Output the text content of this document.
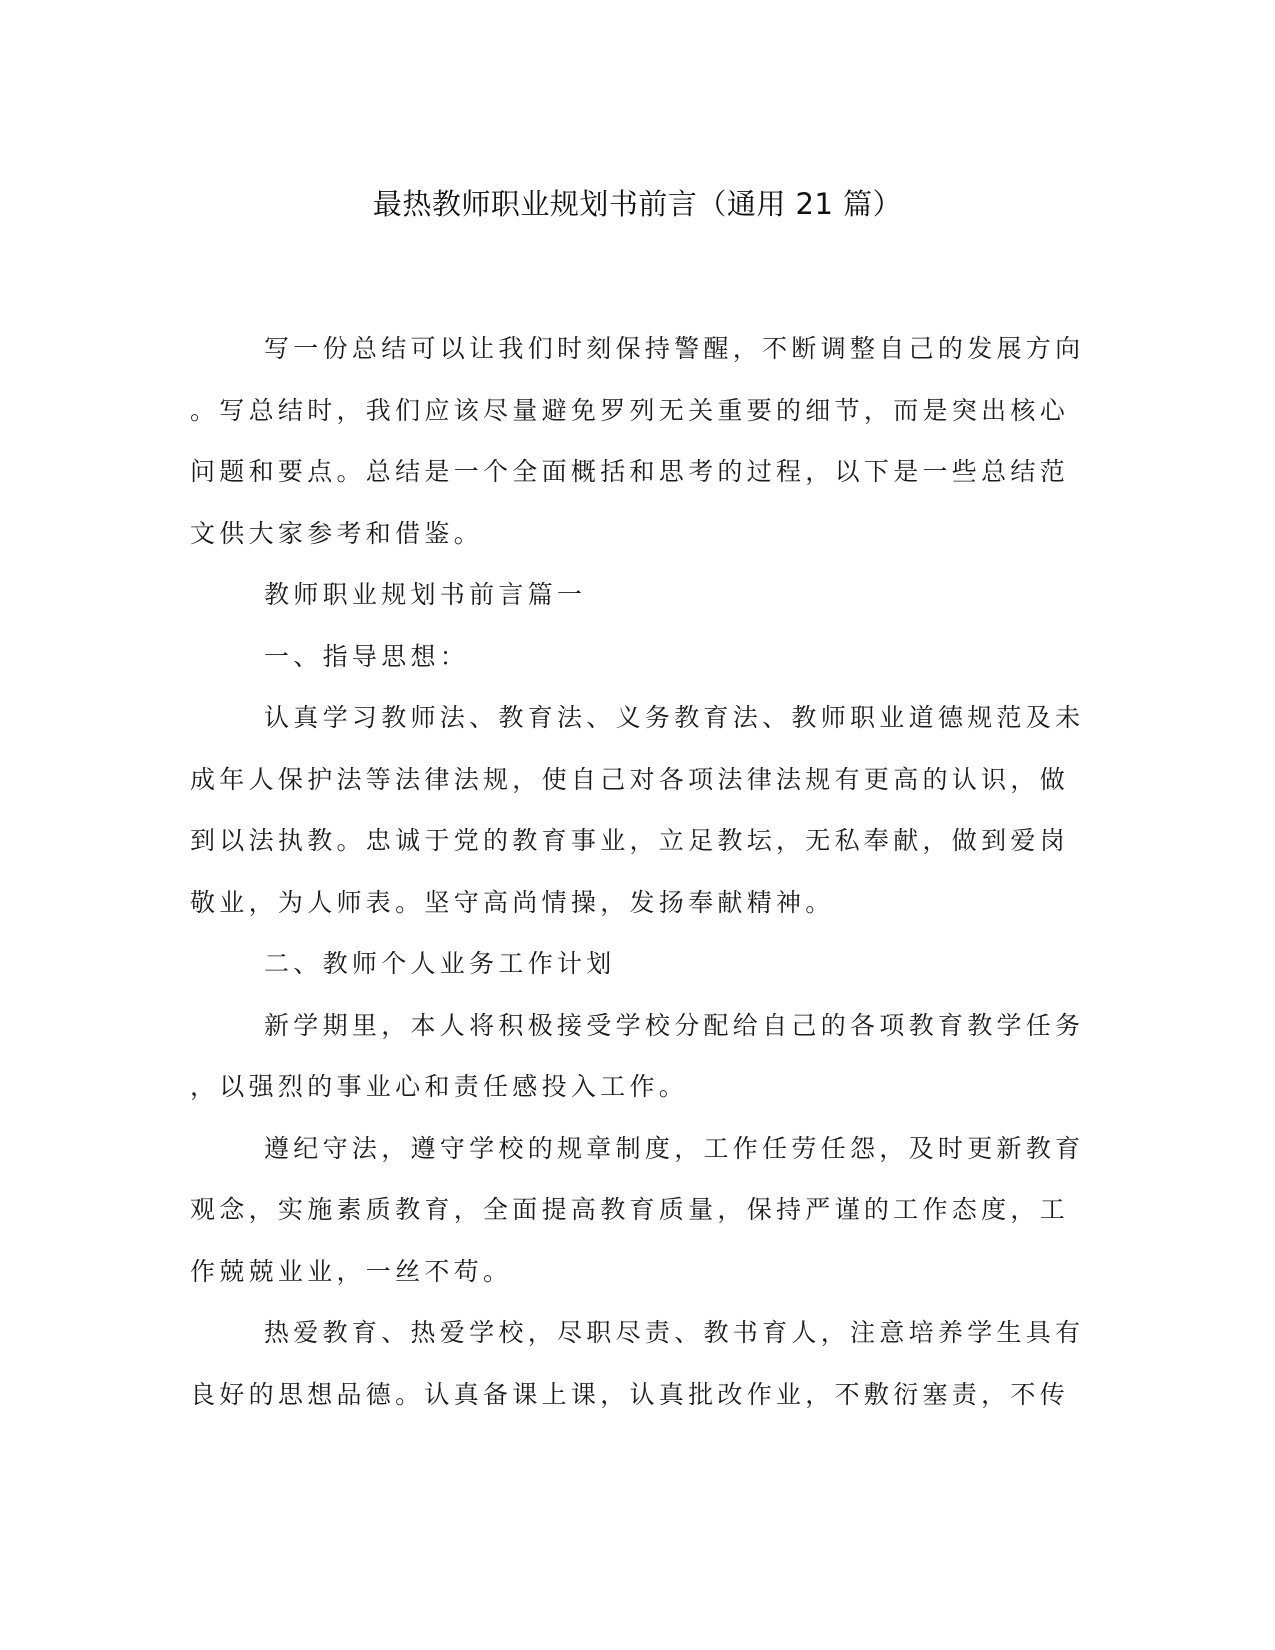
最热教师职业规划书前言（通用 21 篇）
写一份总结可以让我们时刻保持警醒，不断调整自己的发展方向
。写总结时，我们应该尽量避免罗列无关重要的细节，而是突出核心
问题和要点。总结是一个全面概括和思考的过程，以下是一些总结范
文供大家参考和借鉴。
教师职业规划书前言篇一
一、指导思想：
认真学习教师法、教育法、义务教育法、教师职业道德规范及未
成年人保护法等法律法规，使自己对各项法律法规有更高的认识，做
到以法执教。忠诚于党的教育事业，立足教坛，无私奉献，做到爱岗
敬业，为人师表。坚守高尚情操，发扬奉献精神。
二、教师个人业务工作计划
新学期里，本人将积极接受学校分配给自己的各项教育教学任务
，以强烈的事业心和责任感投入工作。
遵纪守法，遵守学校的规章制度，工作任劳任怨，及时更新教育
观念，实施素质教育，全面提高教育质量，保持严谨的工作态度，工
作兢兢业业，一丝不苟。
热爱教育、热爱学校，尽职尽责、教书育人，注意培养学生具有
良好的思想品德。认真备课上课，认真批改作业，不敷衍塞责，不传
